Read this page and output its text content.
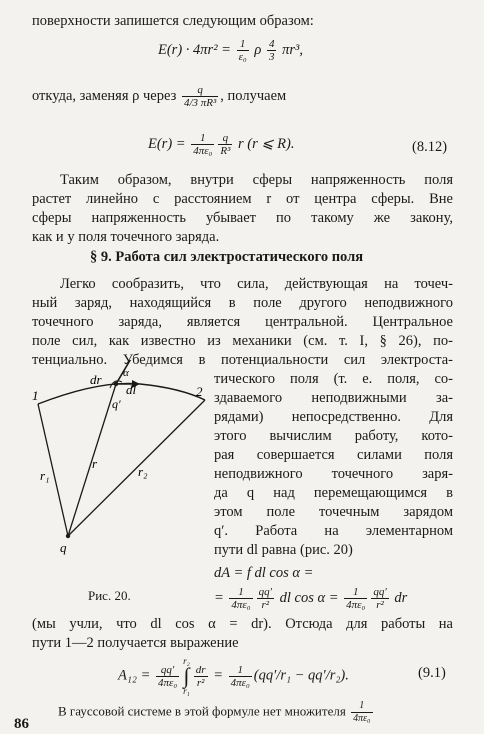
поверхности запишется следующим образом:
$E(r) \cdot 4\pi r^2 = \frac{1}{\text{ε₀}}$ ρ $\frac{4}{3} \pi r^3$,
откуда, заменяя ρ через $\frac{q}{\text{4/3 πR³}}$ , получаем
$E(r) = \frac{1}{\text{4πε₀}} \frac{q}{\text{R³}}$ r (r ⩽ R).	(8.12)
Таким образом, внутри сферы напряженность поля
растет линейно с расстоянием r от центра сферы. Вне
сферы напряженность убывает по такому же закону,
как и у поля точечного заряда.
§ 9. Работа сил электростатического поля
Легко сообразить, что сила, действующая на точеч-
ный заряд, находящийся в поле другого неподвижного
точечного заряда, является центральной. Центральное
поле сил, как известно из механики (см. т. I, § 26), по-
тенциально. Убедимся в потенциальности сил электроста-
тического поля (т. е. поля, со-
здаваемого неподвижными за-
рядами) непосредственно. Для
этого вычислим работу, кото-
рая совершается силами поля
неподвижного точечного заря-
да q над перемещающимся в
этом поле точечным зарядом
q′. Работа на элементарном
пути dl равна (рис. 20)
dA = f dl cos α =
= $\frac{1}{\text{4πε₀}} \frac{qq'}{\text{r²}}$ dl $\cos \alpha = \frac{1}{\text{4πε₀}} \frac{qq'}{\text{r²}}$ dr
1	2
dr
dl
q′
α
r
r₁	r₂
q
Рис. 20.
(мы учли, что dl cos α = dr). Отсюда для работы на
пути 1—2 получается выражение
$A_{12} = \frac{qq'}{\text{4πε₀}}$
r₂
∫
r₁
$\frac{dr}{\text{r²}} = \frac{1}{\text{4πε₀}} (qq'/r_1 - qq'/r_2)$.	(9.1)
В гауссовой системе в этой формуле нет множителя $\frac{1}{\text{4πε₀}}$
86
